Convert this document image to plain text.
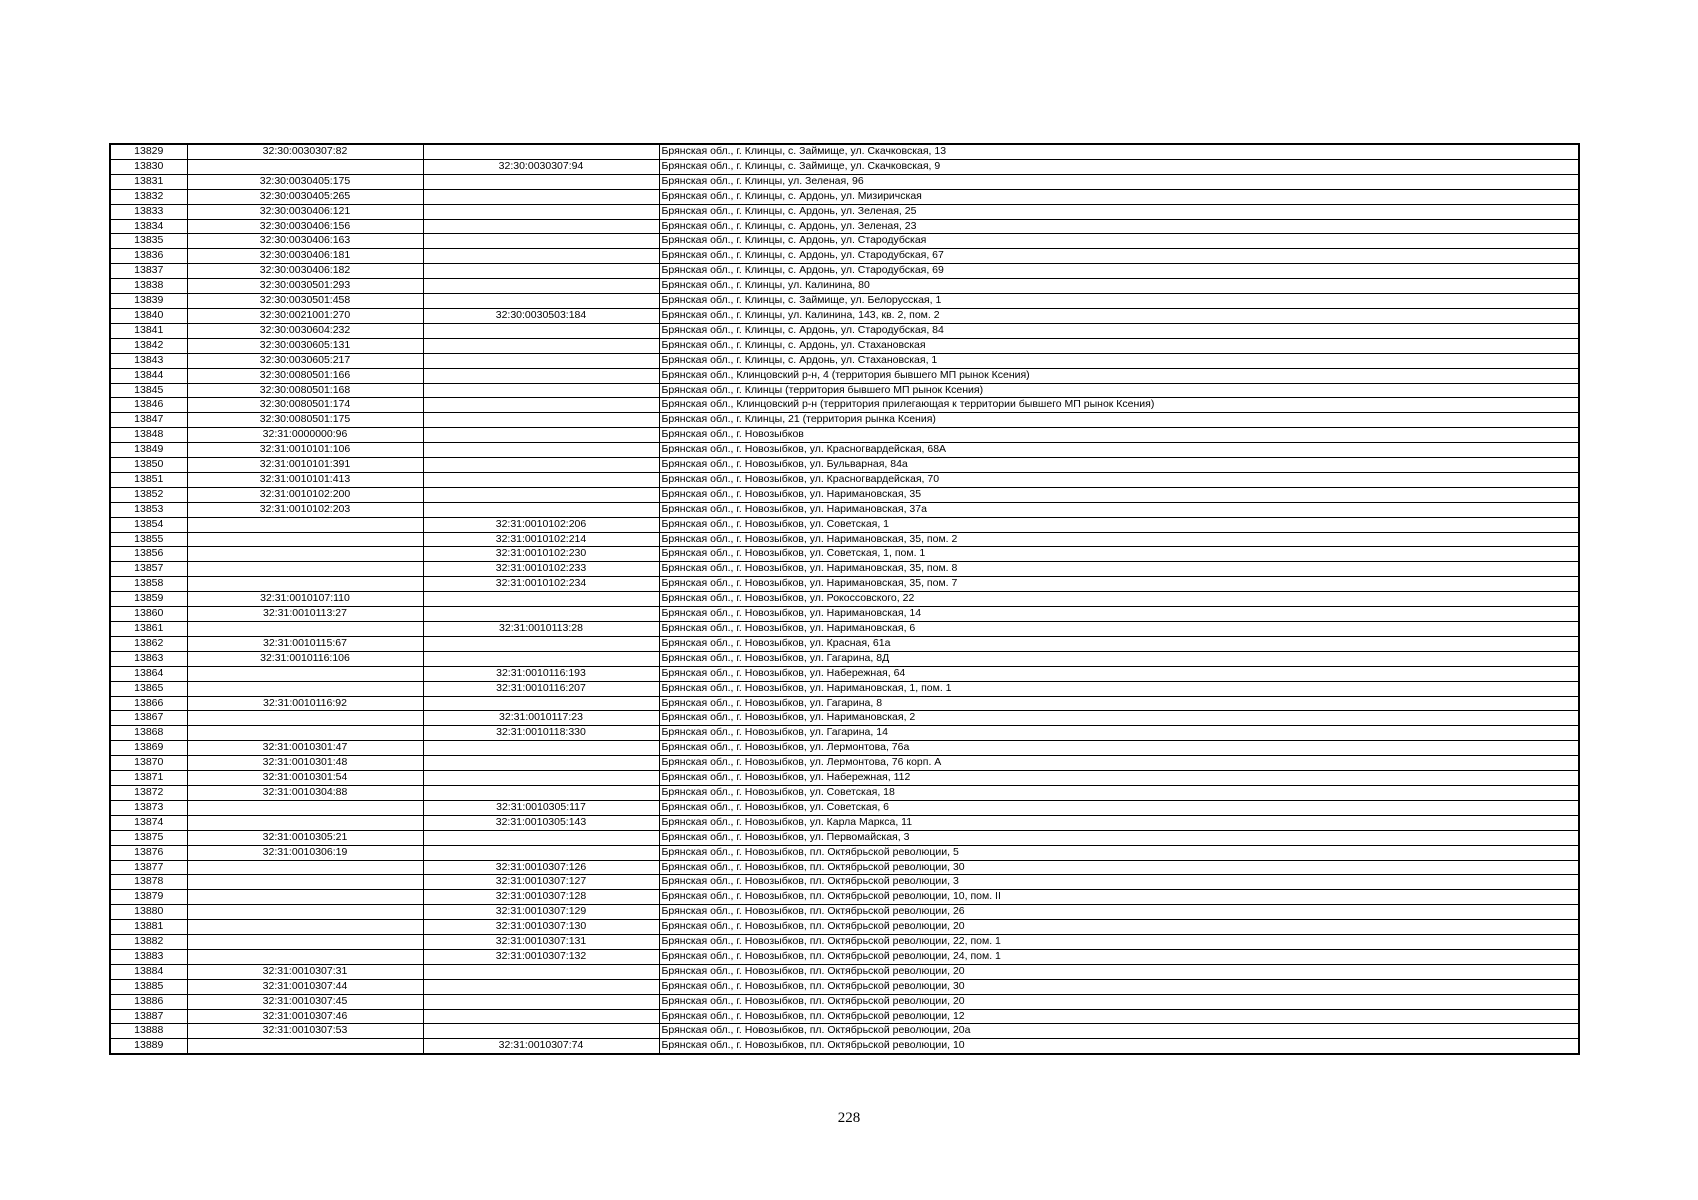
13829	32:30:0030307:82		Брянская обл., г. Клинцы, с. Займище, ул. Скачковская, 13
13830		32:30:0030307:94	Брянская обл., г. Клинцы, с. Займище, ул. Скачковская, 9
13831	32:30:0030405:175		Брянская обл., г. Клинцы, ул. Зеленая, 96
13832	32:30:0030405:265		Брянская обл., г. Клинцы, с. Ардонь, ул. Мизиричская
13833	32:30:0030406:121		Брянская обл., г. Клинцы, с. Ардонь, ул. Зеленая, 25
13834	32:30:0030406:156		Брянская обл., г. Клинцы, с. Ардонь, ул. Зеленая, 23
13835	32:30:0030406:163		Брянская обл., г. Клинцы, с. Ардонь, ул. Стародубская
13836	32:30:0030406:181		Брянская обл., г. Клинцы, с. Ардонь, ул. Стародубская, 67
13837	32:30:0030406:182		Брянская обл., г. Клинцы, с. Ардонь, ул. Стародубская, 69
13838	32:30:0030501:293		Брянская обл., г. Клинцы, ул. Калинина, 80
13839	32:30:0030501:458		Брянская обл., г. Клинцы, с. Займище, ул. Белорусская, 1
13840	32:30:0021001:270	32:30:0030503:184	Брянская обл., г. Клинцы, ул. Калинина, 143, кв. 2, пом. 2
13841	32:30:0030604:232		Брянская обл., г. Клинцы, с. Ардонь, ул. Стародубская, 84
13842	32:30:0030605:131		Брянская обл., г. Клинцы, с. Ардонь, ул. Стахановская
13843	32:30:0030605:217		Брянская обл., г. Клинцы, с. Ардонь, ул. Стахановская, 1
13844	32:30:0080501:166		Брянская обл., Клинцовский р-н, 4 (территория бывшего МП рынок Ксения)
13845	32:30:0080501:168		Брянская обл., г. Клинцы (территория бывшего МП рынок Ксения)
13846	32:30:0080501:174		Брянская обл., Клинцовский р-н (территория прилегающая к территории бывшего МП рынок Ксения)
13847	32:30:0080501:175		Брянская обл., г. Клинцы, 21 (территория рынка Ксения)
13848	32:31:0000000:96		Брянская обл., г. Новозыбков
13849	32:31:0010101:106		Брянская обл., г. Новозыбков, ул. Красногвардейская, 68А
13850	32:31:0010101:391		Брянская обл., г. Новозыбков, ул. Бульварная, 84а
13851	32:31:0010101:413		Брянская обл., г. Новозыбков, ул. Красногвардейская, 70
13852	32:31:0010102:200		Брянская обл., г. Новозыбков, ул. Наримановская, 35
13853	32:31:0010102:203		Брянская обл., г. Новозыбков, ул. Наримановская, 37а
13854		32:31:0010102:206	Брянская обл., г. Новозыбков, ул. Советская, 1
13855		32:31:0010102:214	Брянская обл., г. Новозыбков, ул. Наримановская, 35, пом. 2
13856		32:31:0010102:230	Брянская обл., г. Новозыбков, ул. Советская, 1, пом. 1
13857		32:31:0010102:233	Брянская обл., г. Новозыбков, ул. Наримановская, 35, пом. 8
13858		32:31:0010102:234	Брянская обл., г. Новозыбков, ул. Наримановская, 35, пом. 7
13859	32:31:0010107:110		Брянская обл., г. Новозыбков, ул. Рокоссовского, 22
13860	32:31:0010113:27		Брянская обл., г. Новозыбков, ул. Наримановская, 14
13861		32:31:0010113:28	Брянская обл., г. Новозыбков, ул. Наримановская, 6
13862	32:31:0010115:67		Брянская обл., г. Новозыбков, ул. Красная, 61а
13863	32:31:0010116:106		Брянская обл., г. Новозыбков, ул. Гагарина, 8Д
13864		32:31:0010116:193	Брянская обл., г. Новозыбков, ул. Набережная, 64
13865		32:31:0010116:207	Брянская обл., г. Новозыбков, ул. Наримановская, 1, пом. 1
13866	32:31:0010116:92		Брянская обл., г. Новозыбков, ул. Гагарина, 8
13867		32:31:0010117:23	Брянская обл., г. Новозыбков, ул. Наримановская, 2
13868		32:31:0010118:330	Брянская обл., г. Новозыбков, ул. Гагарина, 14
13869	32:31:0010301:47		Брянская обл., г. Новозыбков, ул. Лермонтова, 76а
13870	32:31:0010301:48		Брянская обл., г. Новозыбков, ул. Лермонтова, 76 корп. А
13871	32:31:0010301:54		Брянская обл., г. Новозыбков, ул. Набережная, 112
13872	32:31:0010304:88		Брянская обл., г. Новозыбков, ул. Советская, 18
13873		32:31:0010305:117	Брянская обл., г. Новозыбков, ул. Советская, 6
13874		32:31:0010305:143	Брянская обл., г. Новозыбков, ул. Карла Маркса, 11
13875	32:31:0010305:21		Брянская обл., г. Новозыбков, ул. Первомайская, 3
13876	32:31:0010306:19		Брянская обл., г. Новозыбков, пл. Октябрьской революции, 5
13877		32:31:0010307:126	Брянская обл., г. Новозыбков, пл. Октябрьской революции, 30
13878		32:31:0010307:127	Брянская обл., г. Новозыбков, пл. Октябрьской революции, 3
13879		32:31:0010307:128	Брянская обл., г. Новозыбков, пл. Октябрьской революции, 10, пом. II
13880		32:31:0010307:129	Брянская обл., г. Новозыбков, пл. Октябрьской революции, 26
13881		32:31:0010307:130	Брянская обл., г. Новозыбков, пл. Октябрьской революции, 20
13882		32:31:0010307:131	Брянская обл., г. Новозыбков, пл. Октябрьской революции, 22, пом. 1
13883		32:31:0010307:132	Брянская обл., г. Новозыбков, пл. Октябрьской революции, 24, пом. 1
13884	32:31:0010307:31		Брянская обл., г. Новозыбков, пл. Октябрьской революции, 20
13885	32:31:0010307:44		Брянская обл., г. Новозыбков, пл. Октябрьской революции, 30
13886	32:31:0010307:45		Брянская обл., г. Новозыбков, пл. Октябрьской революции, 20
13887	32:31:0010307:46		Брянская обл., г. Новозыбков, пл. Октябрьской революции, 12
13888	32:31:0010307:53		Брянская обл., г. Новозыбков, пл. Октябрьской революции, 20а
13889		32:31:0010307:74	Брянская обл., г. Новозыбков, пл. Октябрьской революции, 10
228
